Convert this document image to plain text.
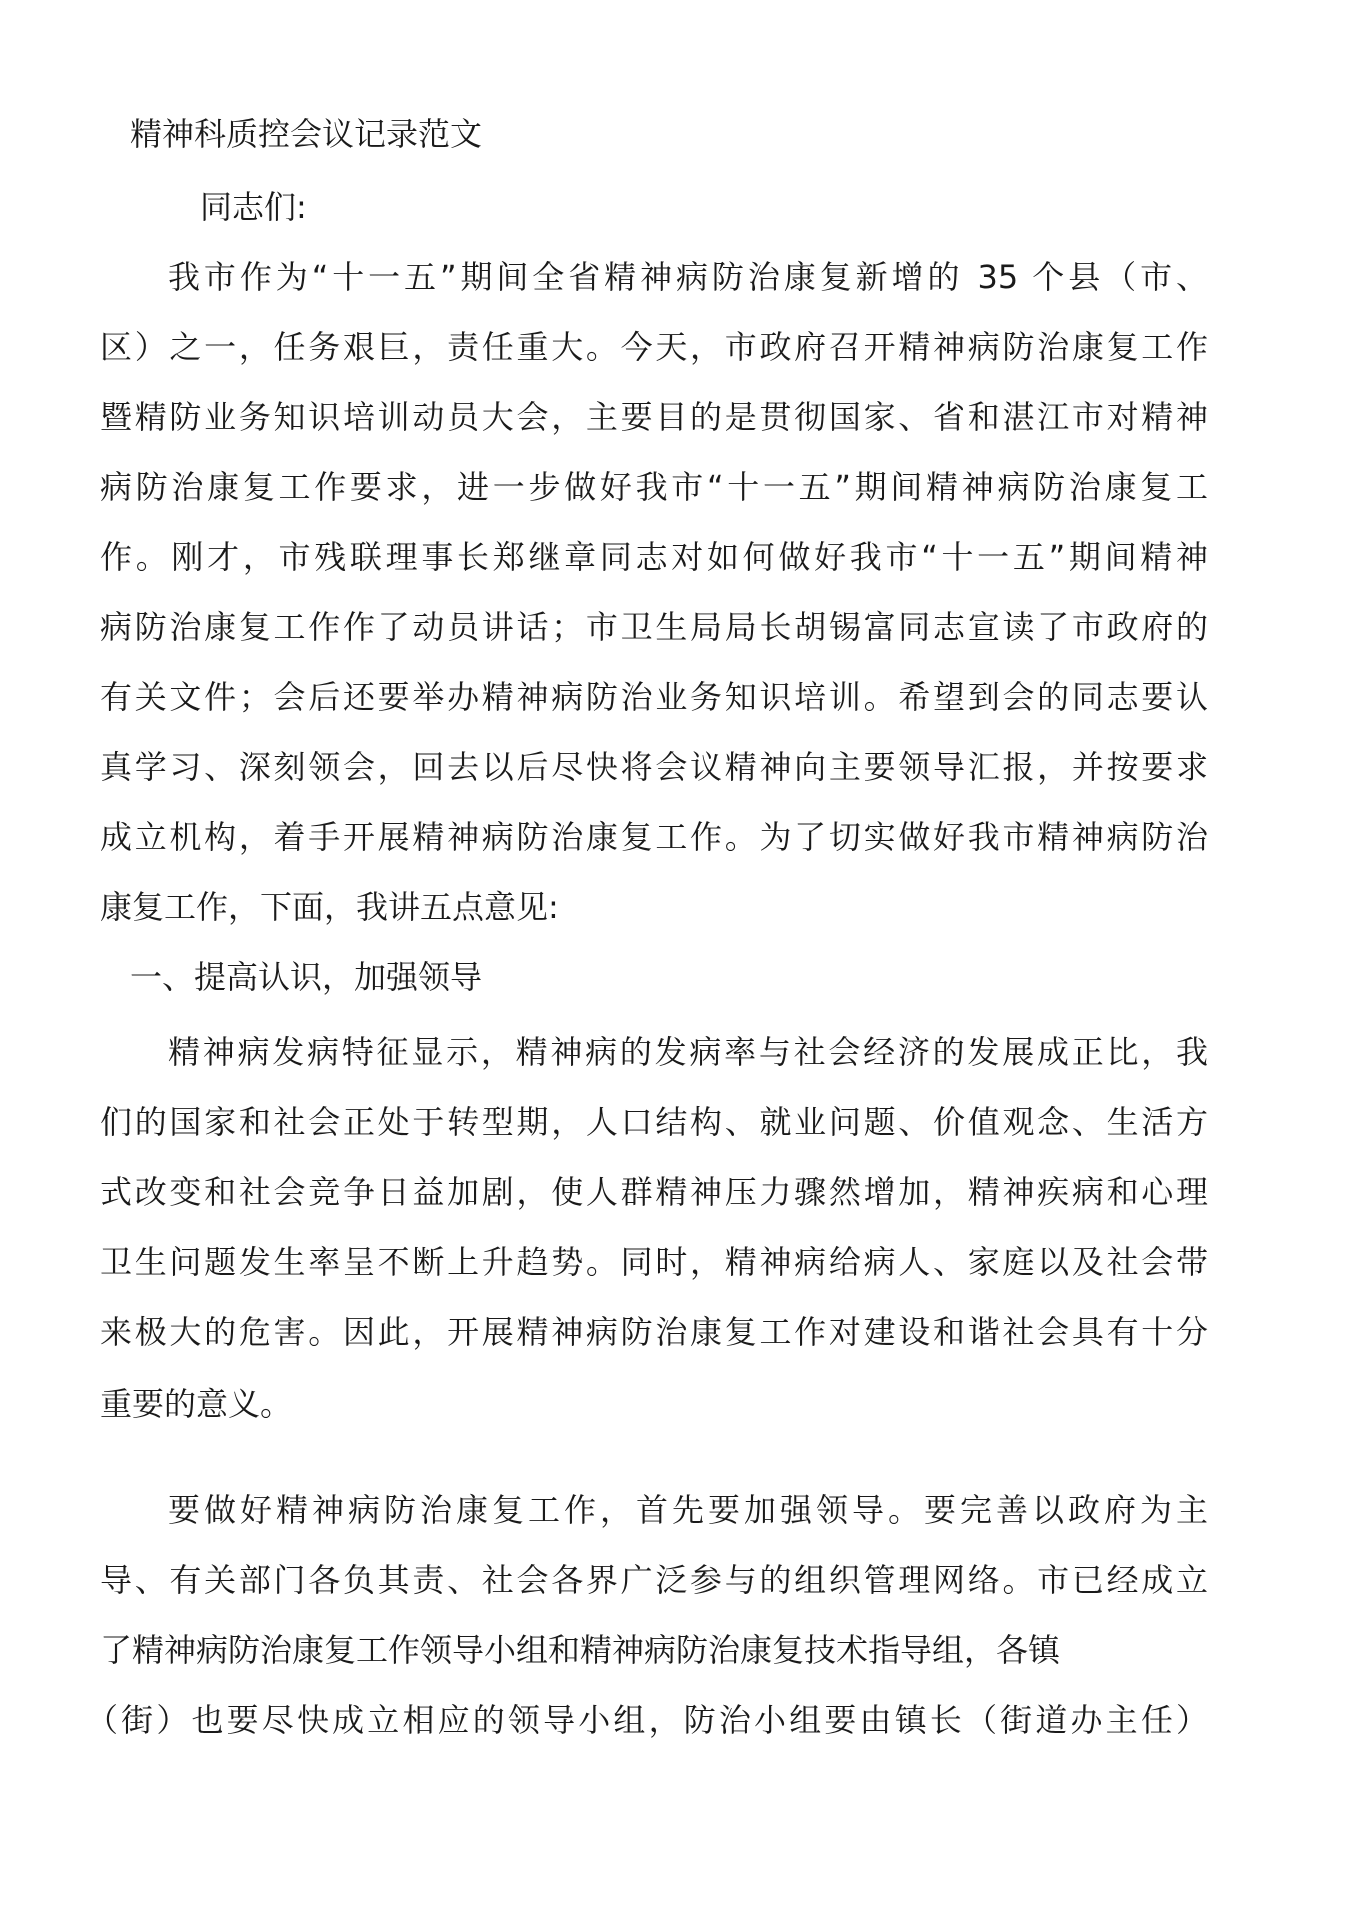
精神科质控会议记录范文

同志们:

我市作为“十一五”期间全省精神病防治康复新增的 35 个县（市、

区）之一，任务艰巨，责任重大。今天，市政府召开精神病防治康复工作

暨精防业务知识培训动员大会，主要目的是贯彻国家、省和湛江市对精神

病防治康复工作要求，进一步做好我市“十一五”期间精神病防治康复工

作。刚才，市残联理事长郑继章同志对如何做好我市“十一五”期间精神

病防治康复工作作了动员讲话；市卫生局局长胡锡富同志宣读了市政府的

有关文件；会后还要举办精神病防治业务知识培训。希望到会的同志要认

真学习、深刻领会，回去以后尽快将会议精神向主要领导汇报，并按要求

成立机构，着手开展精神病防治康复工作。为了切实做好我市精神病防治

康复工作，下面，我讲五点意见:

一、提高认识，加强领导

精神病发病特征显示，精神病的发病率与社会经济的发展成正比，我

们的国家和社会正处于转型期，人口结构、就业问题、价值观念、生活方

式改变和社会竞争日益加剧，使人群精神压力骤然增加，精神疾病和心理

卫生问题发生率呈不断上升趋势。同时，精神病给病人、家庭以及社会带

来极大的危害。因此，开展精神病防治康复工作对建设和谐社会具有十分

重要的意义。

要做好精神病防治康复工作，首先要加强领导。要完善以政府为主

导、有关部门各负其责、社会各界广泛参与的组织管理网络。市已经成立

了精神病防治康复工作领导小组和精神病防治康复技术指导组，各镇

（街）也要尽快成立相应的领导小组，防治小组要由镇长（街道办主任）
